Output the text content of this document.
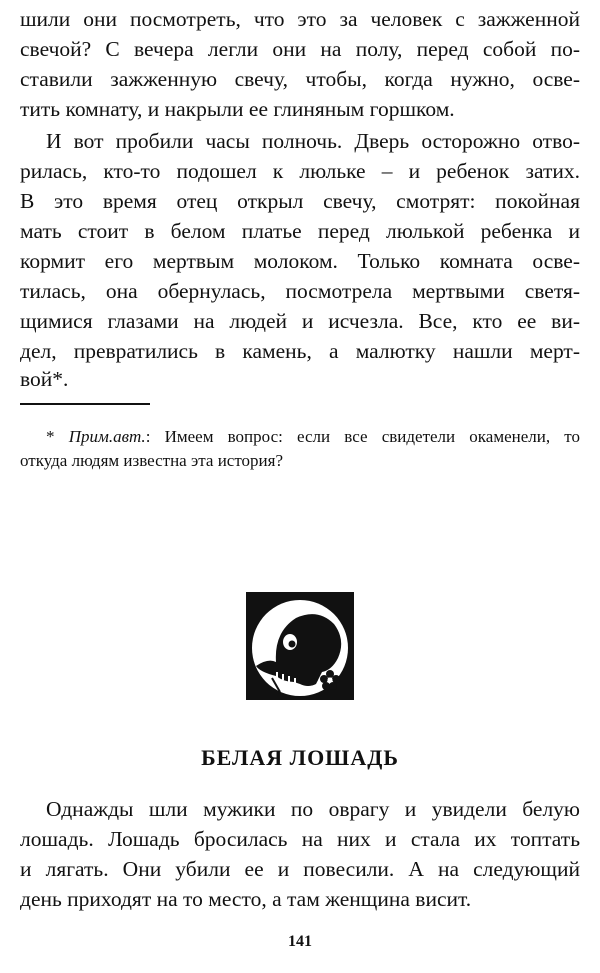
шили они посмотреть, что это за человек с зажженной
свечой? С вечера легли они на полу, перед собой по-
ставили зажженную свечу, чтобы, когда нужно, осве-
тить комнату, и накрыли ее глиняным горшком.
И вот пробили часы полночь. Дверь осторожно отво-
рилась, кто-то подошел к люльке – и ребенок затих.
В это время отец открыл свечу, смотрят: покойная
мать стоит в белом платье перед люлькой ребенка и
кормит его мертвым молоком. Только комната осве-
тилась, она обернулась, посмотрела мертвыми светя-
щимися глазами на людей и исчезла. Все, кто ее ви-
дел, превратились в камень, а малютку нашли мерт-
вой*.
* Прим.авт.: Имеем вопрос: если все свидетели окаменели, то
откуда людям известна эта история?
БЕЛАЯ ЛОШАДЬ
Однажды шли мужики по оврагу и увидели белую
лошадь. Лошадь бросилась на них и стала их топтать
и лягать. Они убили ее и повесили. А на следующий
день приходят на то место, а там женщина висит.
141
